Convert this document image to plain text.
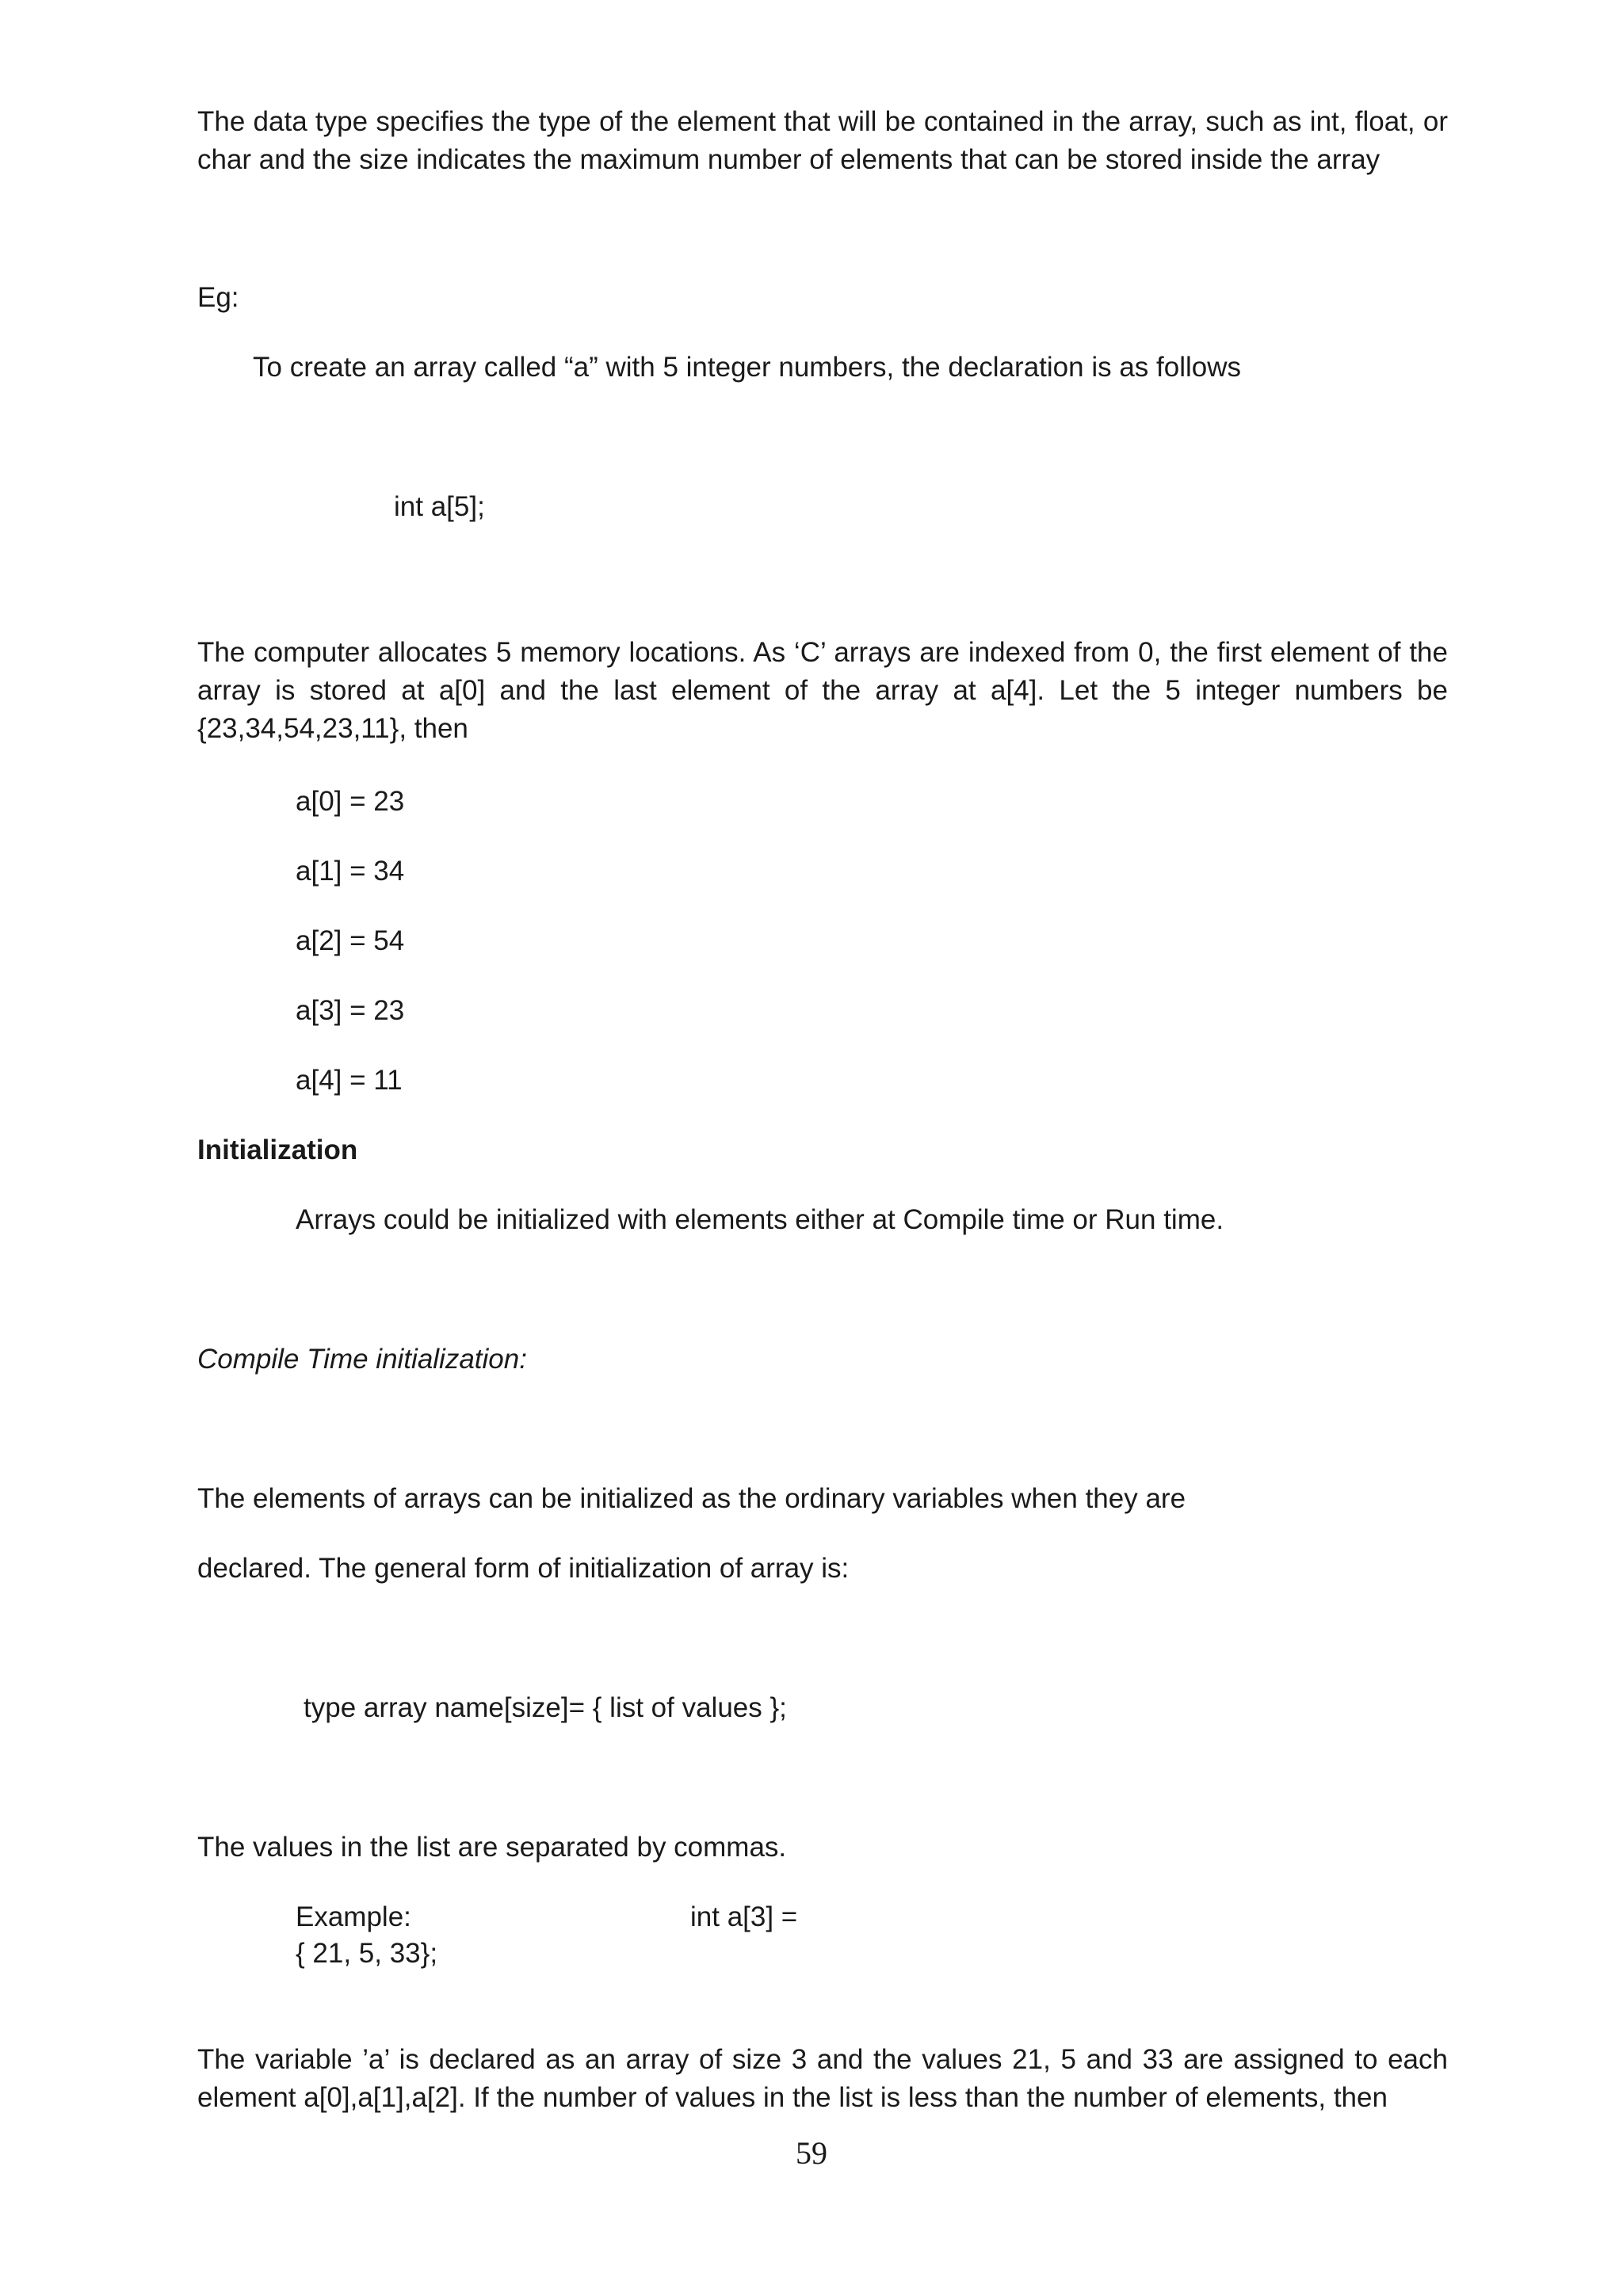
The data type specifies the type of the element that will be contained in the array, such as int, float, or char and the size indicates the maximum number of elements that can be stored inside the array
Eg:
To create an array called “a” with 5 integer numbers, the declaration is as follows
int a[5];
The computer allocates 5 memory locations. As ‘C’ arrays are indexed from 0, the first element of the array is stored at a[0] and the last element of the array at a[4]. Let the 5 integer numbers be {23,34,54,23,11}, then
a[0] = 23
a[1] = 34
a[2] = 54
a[3] = 23
a[4] = 11
Initialization
Arrays could be initialized with elements either at Compile time or Run time.
Compile Time initialization:
The elements of arrays can be initialized as the ordinary variables when they are
declared. The general form of initialization of array is:
type array name[size]= { list of values };
The values in the list are separated by commas.
Example:	int a[3] =
{ 21, 5, 33};
The variable ’a’ is declared as an array of size 3 and the values 21, 5 and 33 are assigned to each element a[0],a[1],a[2]. If the number of values in the list is less than the number of elements, then
59
